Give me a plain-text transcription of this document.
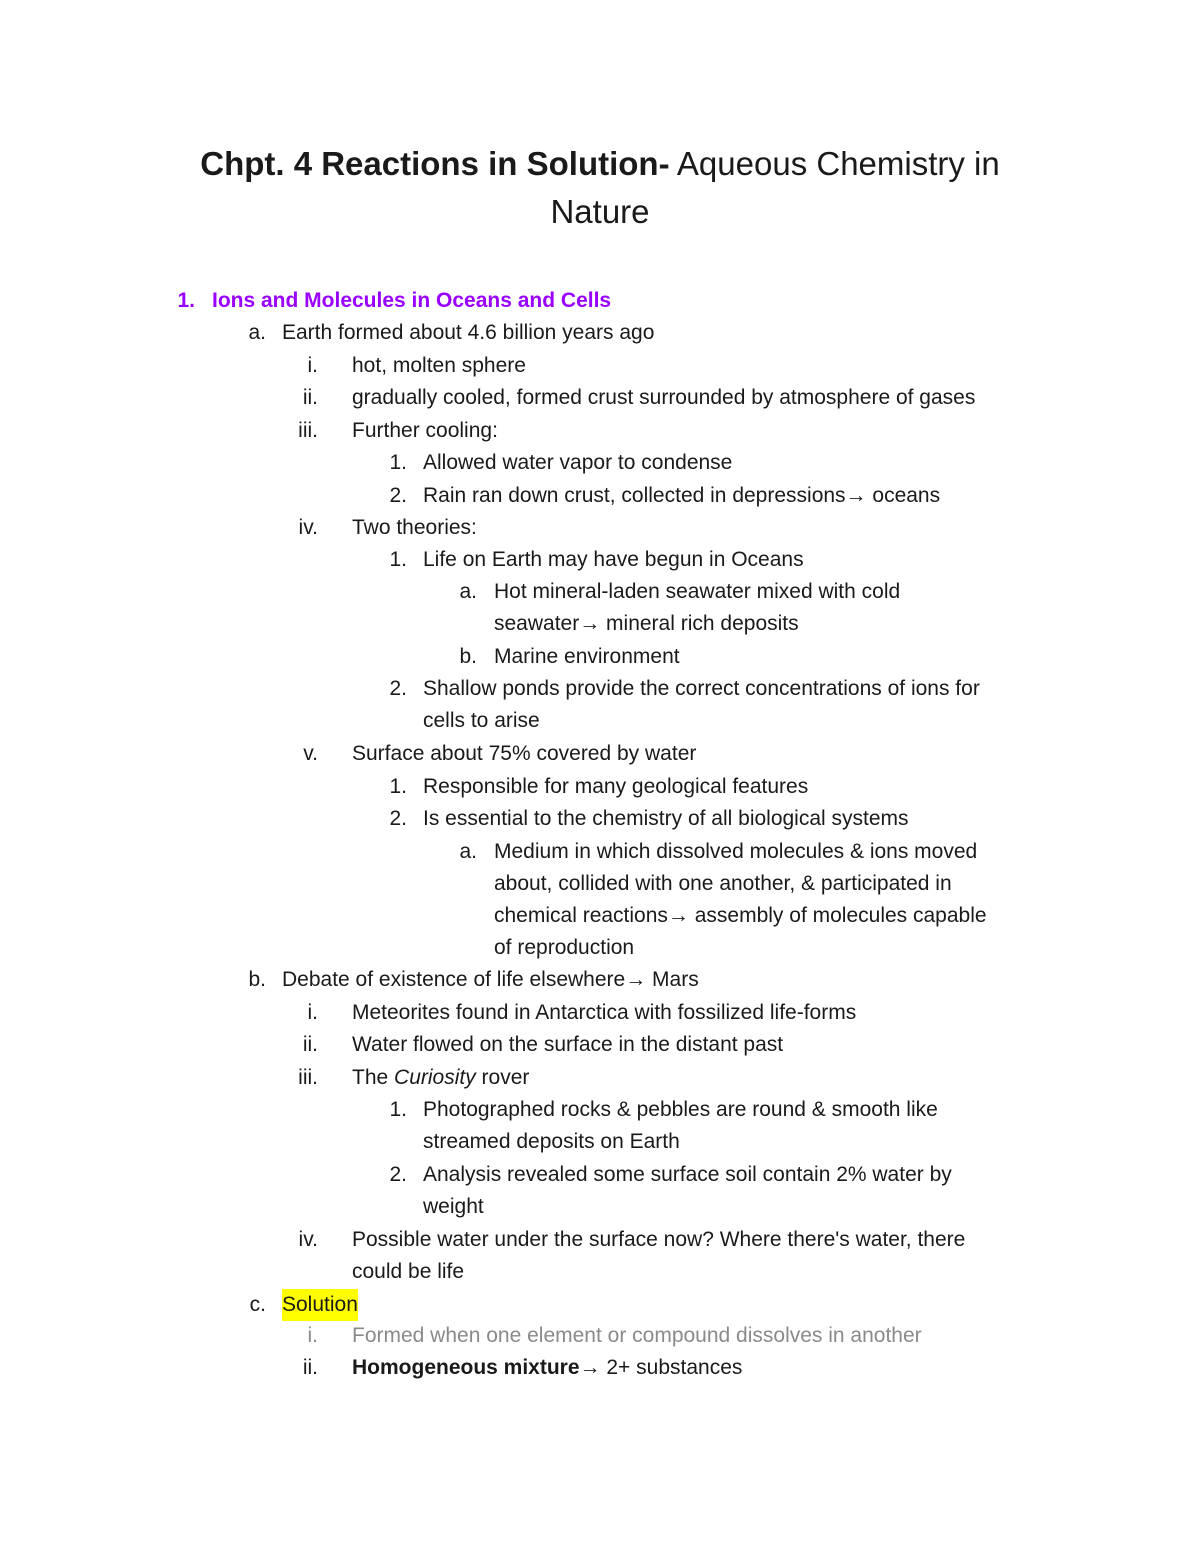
Chpt. 4 Reactions in Solution- Aqueous Chemistry in Nature
1. Ions and Molecules in Oceans and Cells
a. Earth formed about 4.6 billion years ago
i. hot, molten sphere
ii. gradually cooled, formed crust surrounded by atmosphere of gases
iii. Further cooling:
1. Allowed water vapor to condense
2. Rain ran down crust, collected in depressions→ oceans
iv. Two theories:
1. Life on Earth may have begun in Oceans
a. Hot mineral-laden seawater mixed with cold
seawater→ mineral rich deposits
b. Marine environment
2. Shallow ponds provide the correct concentrations of ions for
cells to arise
v. Surface about 75% covered by water
1. Responsible for many geological features
2. Is essential to the chemistry of all biological systems
a. Medium in which dissolved molecules & ions moved
about, collided with one another, & participated in
chemical reactions→ assembly of molecules capable
of reproduction
b. Debate of existence of life elsewhere→ Mars
i. Meteorites found in Antarctica with fossilized life-forms
ii. Water flowed on the surface in the distant past
iii. The Curiosity rover
1. Photographed rocks & pebbles are round & smooth like
streamed deposits on Earth
2. Analysis revealed some surface soil contain 2% water by
weight
iv. Possible water under the surface now? Where there's water, there
could be life
c. Solution
i. Formed when one element or compound dissolves in another
ii. Homogeneous mixture→ 2+ substances
